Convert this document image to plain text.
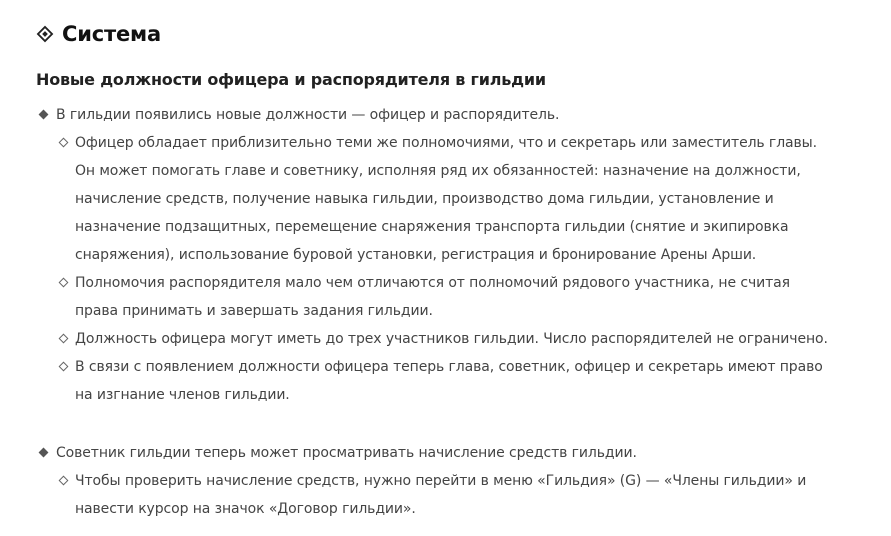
Система
Новые должности офицера и распорядителя в гильдии
В гильдии появились новые должности — офицер и распорядитель.
Офицер обладает приблизительно теми же полномочиями, что и секретарь или заместитель главы. Он может помогать главе и советнику, исполняя ряд их обязанностей: назначение на должности, начисление средств, получение навыка гильдии, производство дома гильдии, установление и назначение подзащитных, перемещение снаряжения транспорта гильдии (снятие и экипировка снаряжения), использование буровой установки, регистрация и бронирование Арены Арши.
Полномочия распорядителя мало чем отличаются от полномочий рядового участника, не считая права принимать и завершать задания гильдии.
Должность офицера могут иметь до трех участников гильдии. Число распорядителей не ограничено.
В связи с появлением должности офицера теперь глава, советник, офицер и секретарь имеют право на изгнание членов гильдии.
Советник гильдии теперь может просматривать начисление средств гильдии.
Чтобы проверить начисление средств, нужно перейти в меню «Гильдия» (G) — «Члены гильдии» и навести курсор на значок «Договор гильдии».
